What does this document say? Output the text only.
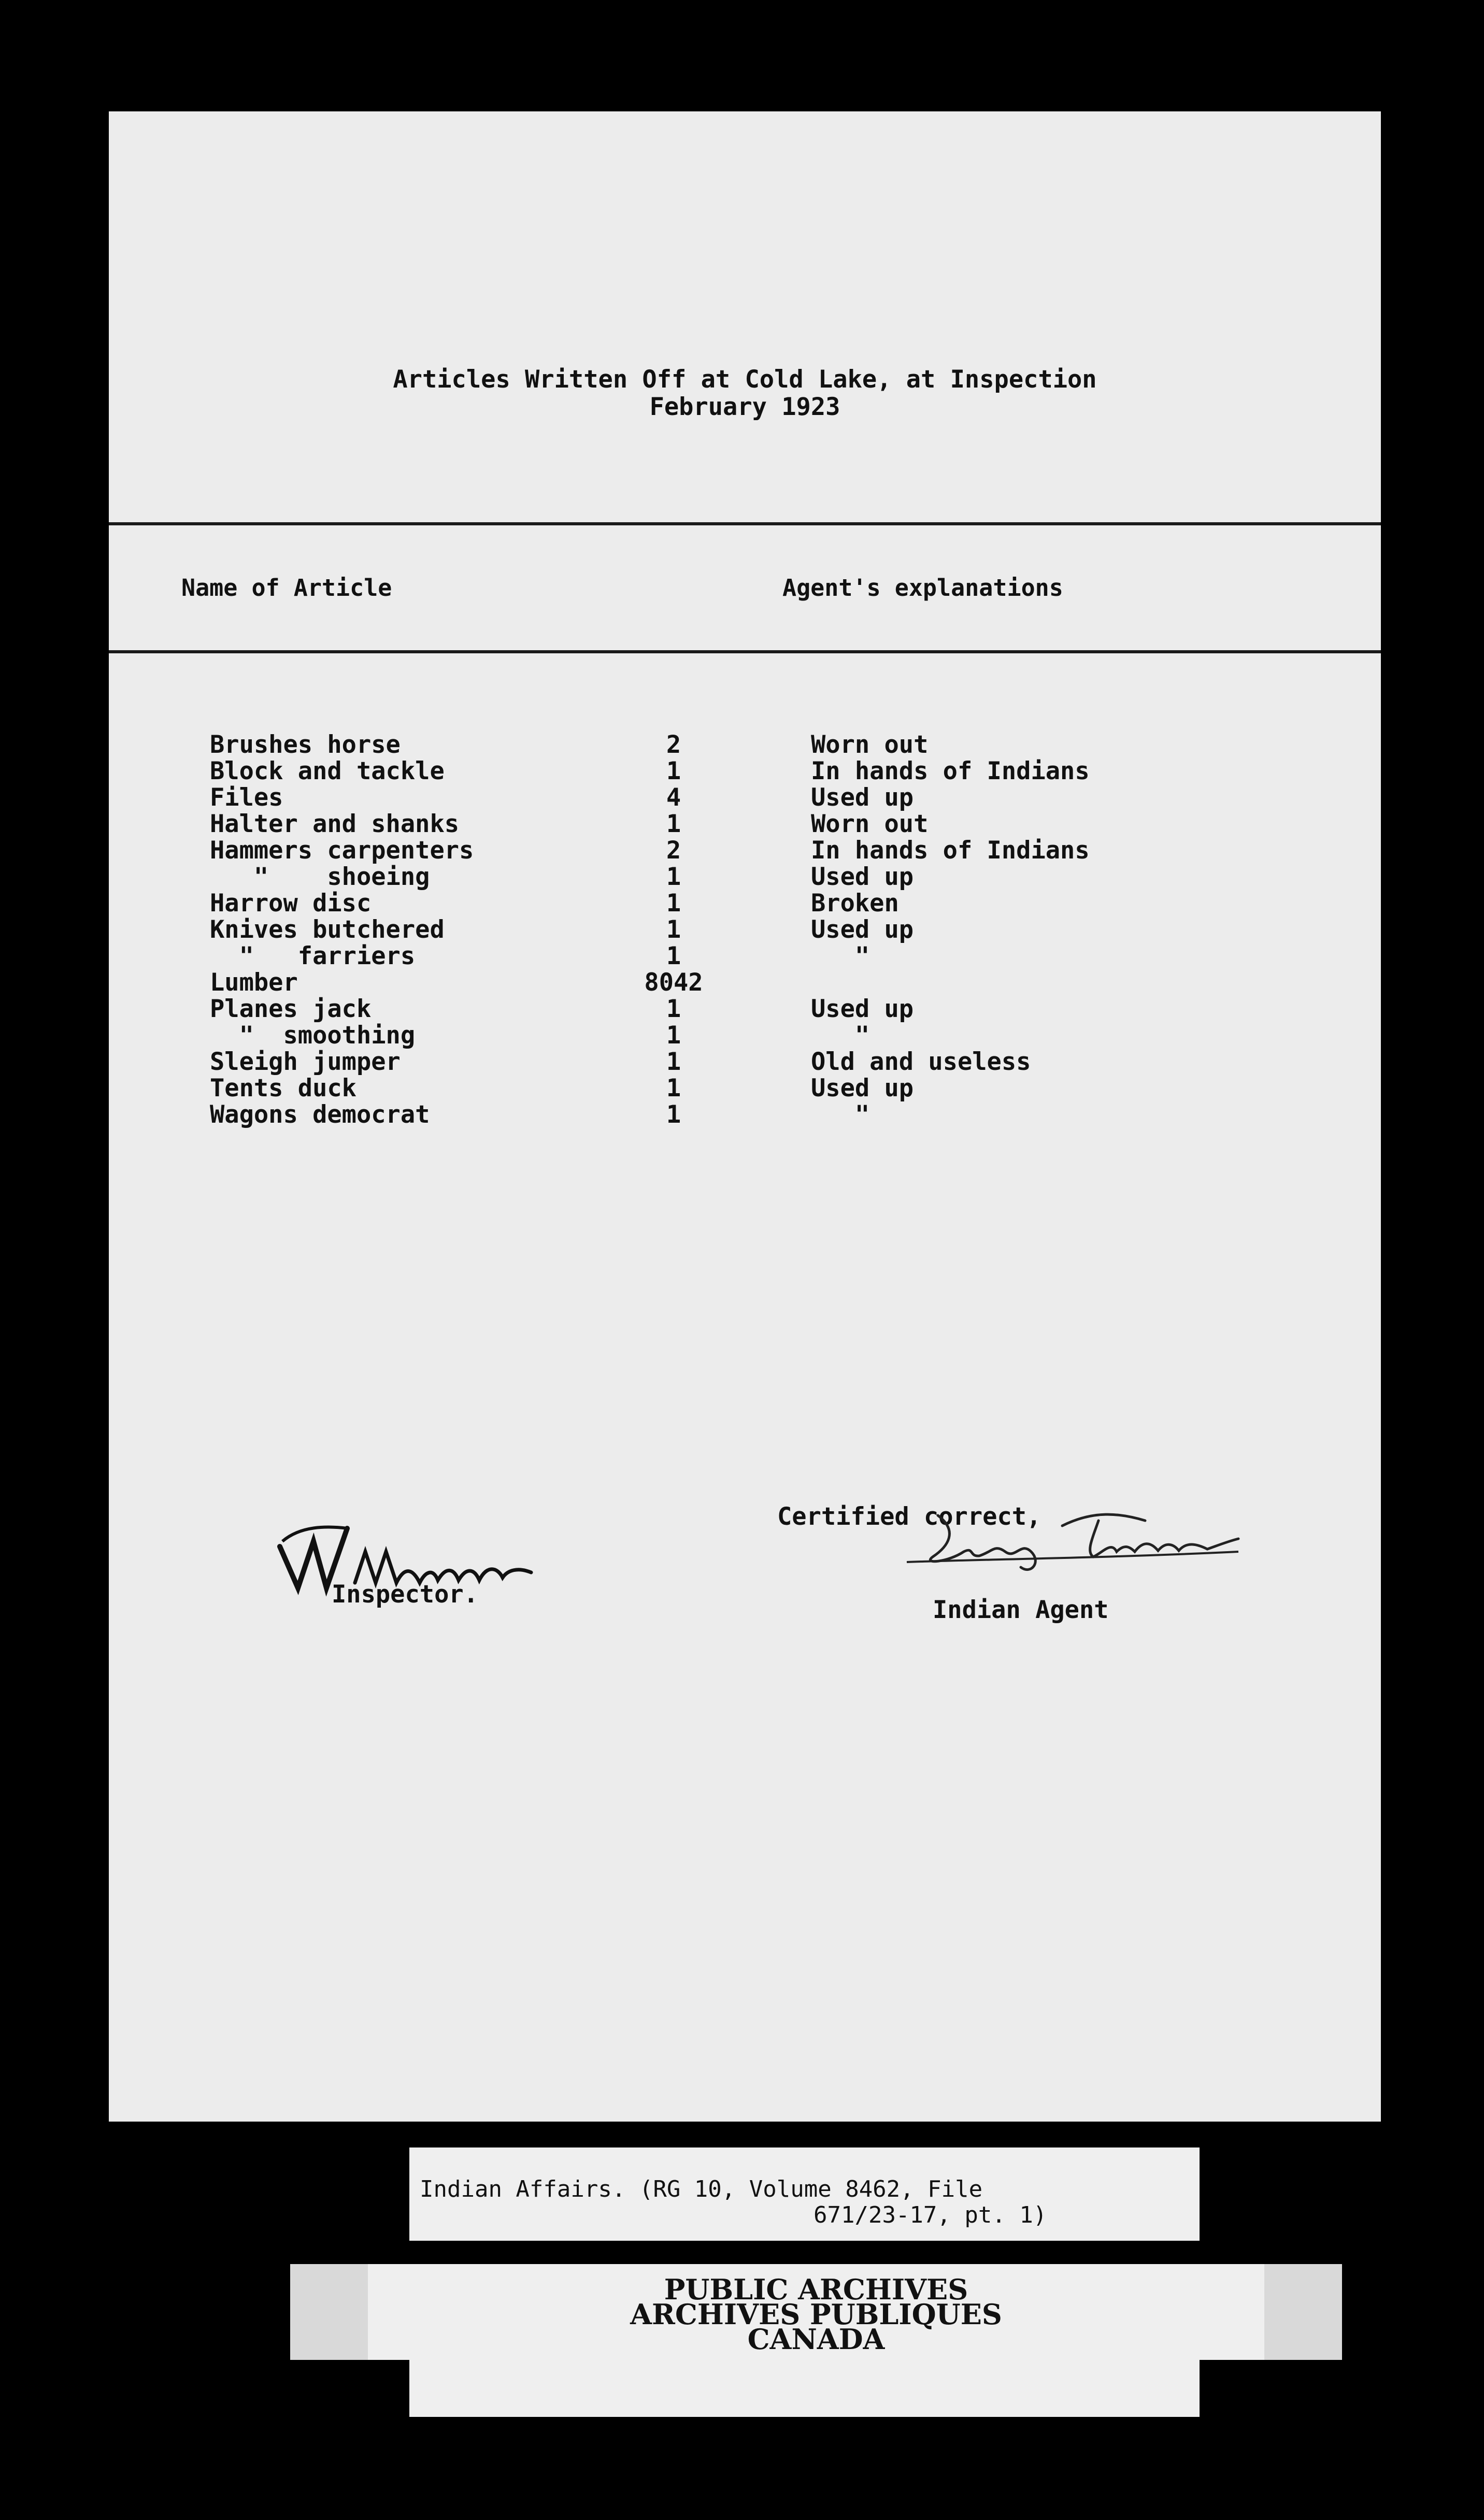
Articles Written Off at Cold Lake, at Inspection
February 1923
Name of Article	Agent's explanations
Brushes horse	2	Worn out
Block and tackle	1	In hands of Indians
Files	4	Used up
Halter and shanks	1	Worn out
Hammers carpenters	2	In hands of Indians
"    shoeing	1	Used up
Harrow disc	1	Broken
Knives butchered	1	Used up
"   farriers	1	"
Lumber	8042
Planes jack	1	Used up
"  smoothing	1	"
Sleigh jumper	1	Old and useless
Tents duck	1	Used up
Wagons democrat	1	"
Inspector.
Certified correct,
Indian Agent
Indian Affairs. (RG 10, Volume 8462, File
671/23-17, pt. 1)
PUBLIC ARCHIVES
ARCHIVES PUBLIQUES
CANADA
